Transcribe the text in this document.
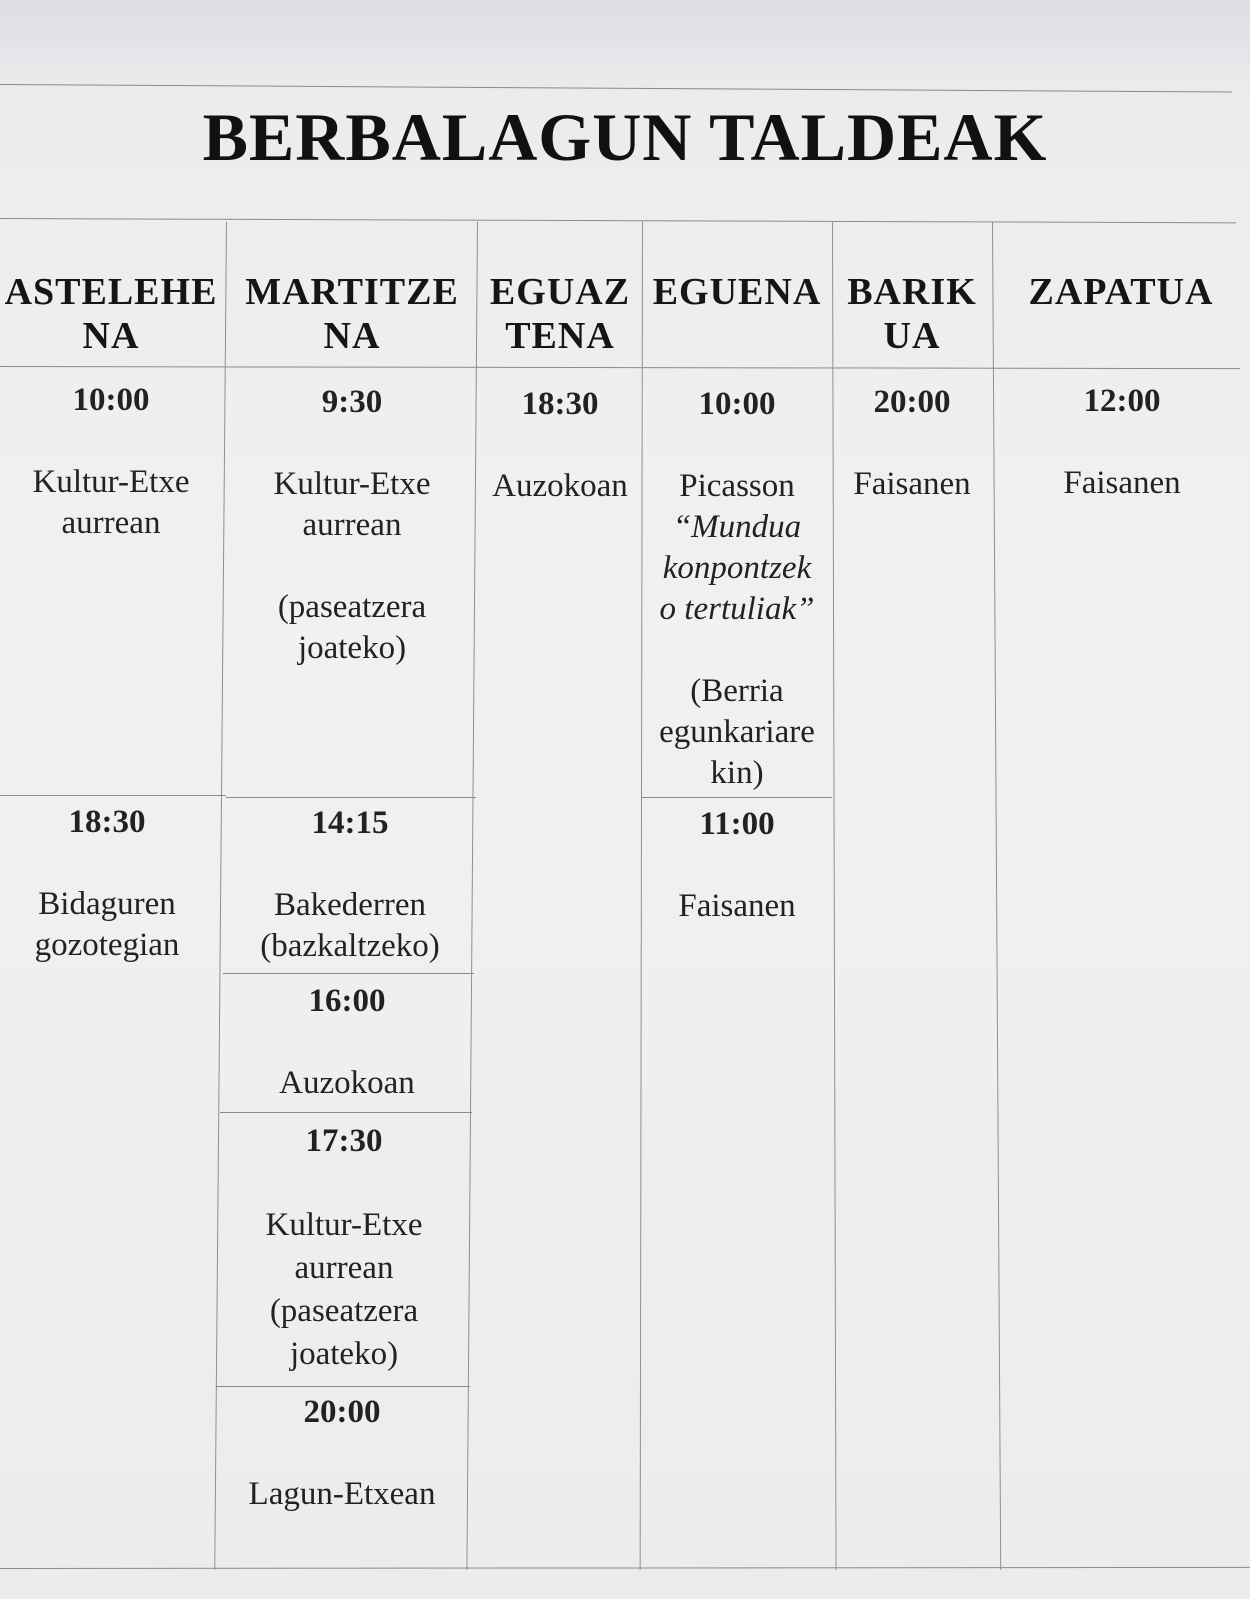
BERBALAGUN TALDEAK
ASTELEHE
NA
MARTITZE
NA
EGUAZ
TENA
EGUENA BARIK
UA
ZAPATUA
10:00
Kultur-Etxe
aurrean
18:30
Bidaguren
gozotegian
9:30
Kultur-Etxe
aurrean
(paseatzera
joateko)
14:15
Bakederren
(bazkaltzeko)
16:00
Auzokoan
17:30
Kultur-Etxe
aurrean
(paseatzera
joateko)
20:00
Lagun-Etxean
18:30
Auzokoan
10:00
Picasson
“Mundua
konpontzek
o tertuliak”
(Berria
egunkariare
kin)
11:00
Faisanen
20:00
Faisanen
12:00
Faisanen
